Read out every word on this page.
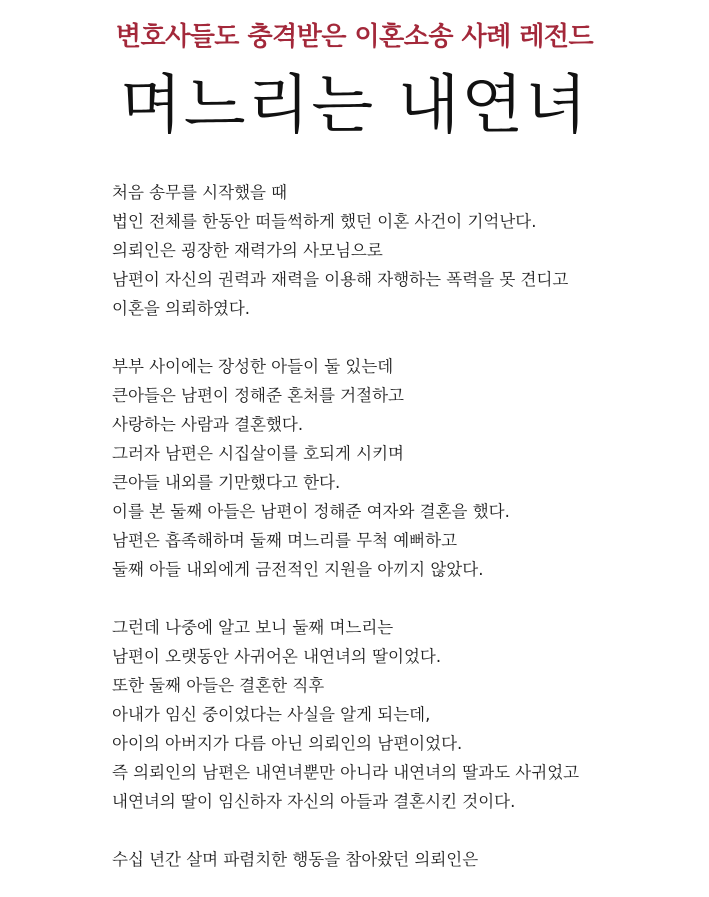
변호사들도 충격받은 이혼소송 사례 레전드
며느리는 내연녀
처음 송무를 시작했을 때
법인 전체를 한동안 떠들썩하게 했던 이혼 사건이 기억난다.
의뢰인은 굉장한 재력가의 사모님으로
남편이 자신의 권력과 재력을 이용해 자행하는 폭력을 못 견디고
이혼을 의뢰하였다.
부부 사이에는 장성한 아들이 둘 있는데
큰아들은 남편이 정해준 혼처를 거절하고
사랑하는 사람과 결혼했다.
그러자 남편은 시집살이를 호되게 시키며
큰아들 내외를 기만했다고 한다.
이를 본 둘째 아들은 남편이 정해준 여자와 결혼을 했다.
남편은 흡족해하며 둘째 며느리를 무척 예뻐하고
둘째 아들 내외에게 금전적인 지원을 아끼지 않았다.
그런데 나중에 알고 보니 둘째 며느리는
남편이 오랫동안 사귀어온 내연녀의 딸이었다.
또한 둘째 아들은 결혼한 직후
아내가 임신 중이었다는 사실을 알게 되는데,
아이의 아버지가 다름 아닌 의뢰인의 남편이었다.
즉 의뢰인의 남편은 내연녀뿐만 아니라 내연녀의 딸과도 사귀었고
내연녀의 딸이 임신하자 자신의 아들과 결혼시킨 것이다.
수십 년간 살며 파렴치한 행동을 참아왔던 의뢰인은
